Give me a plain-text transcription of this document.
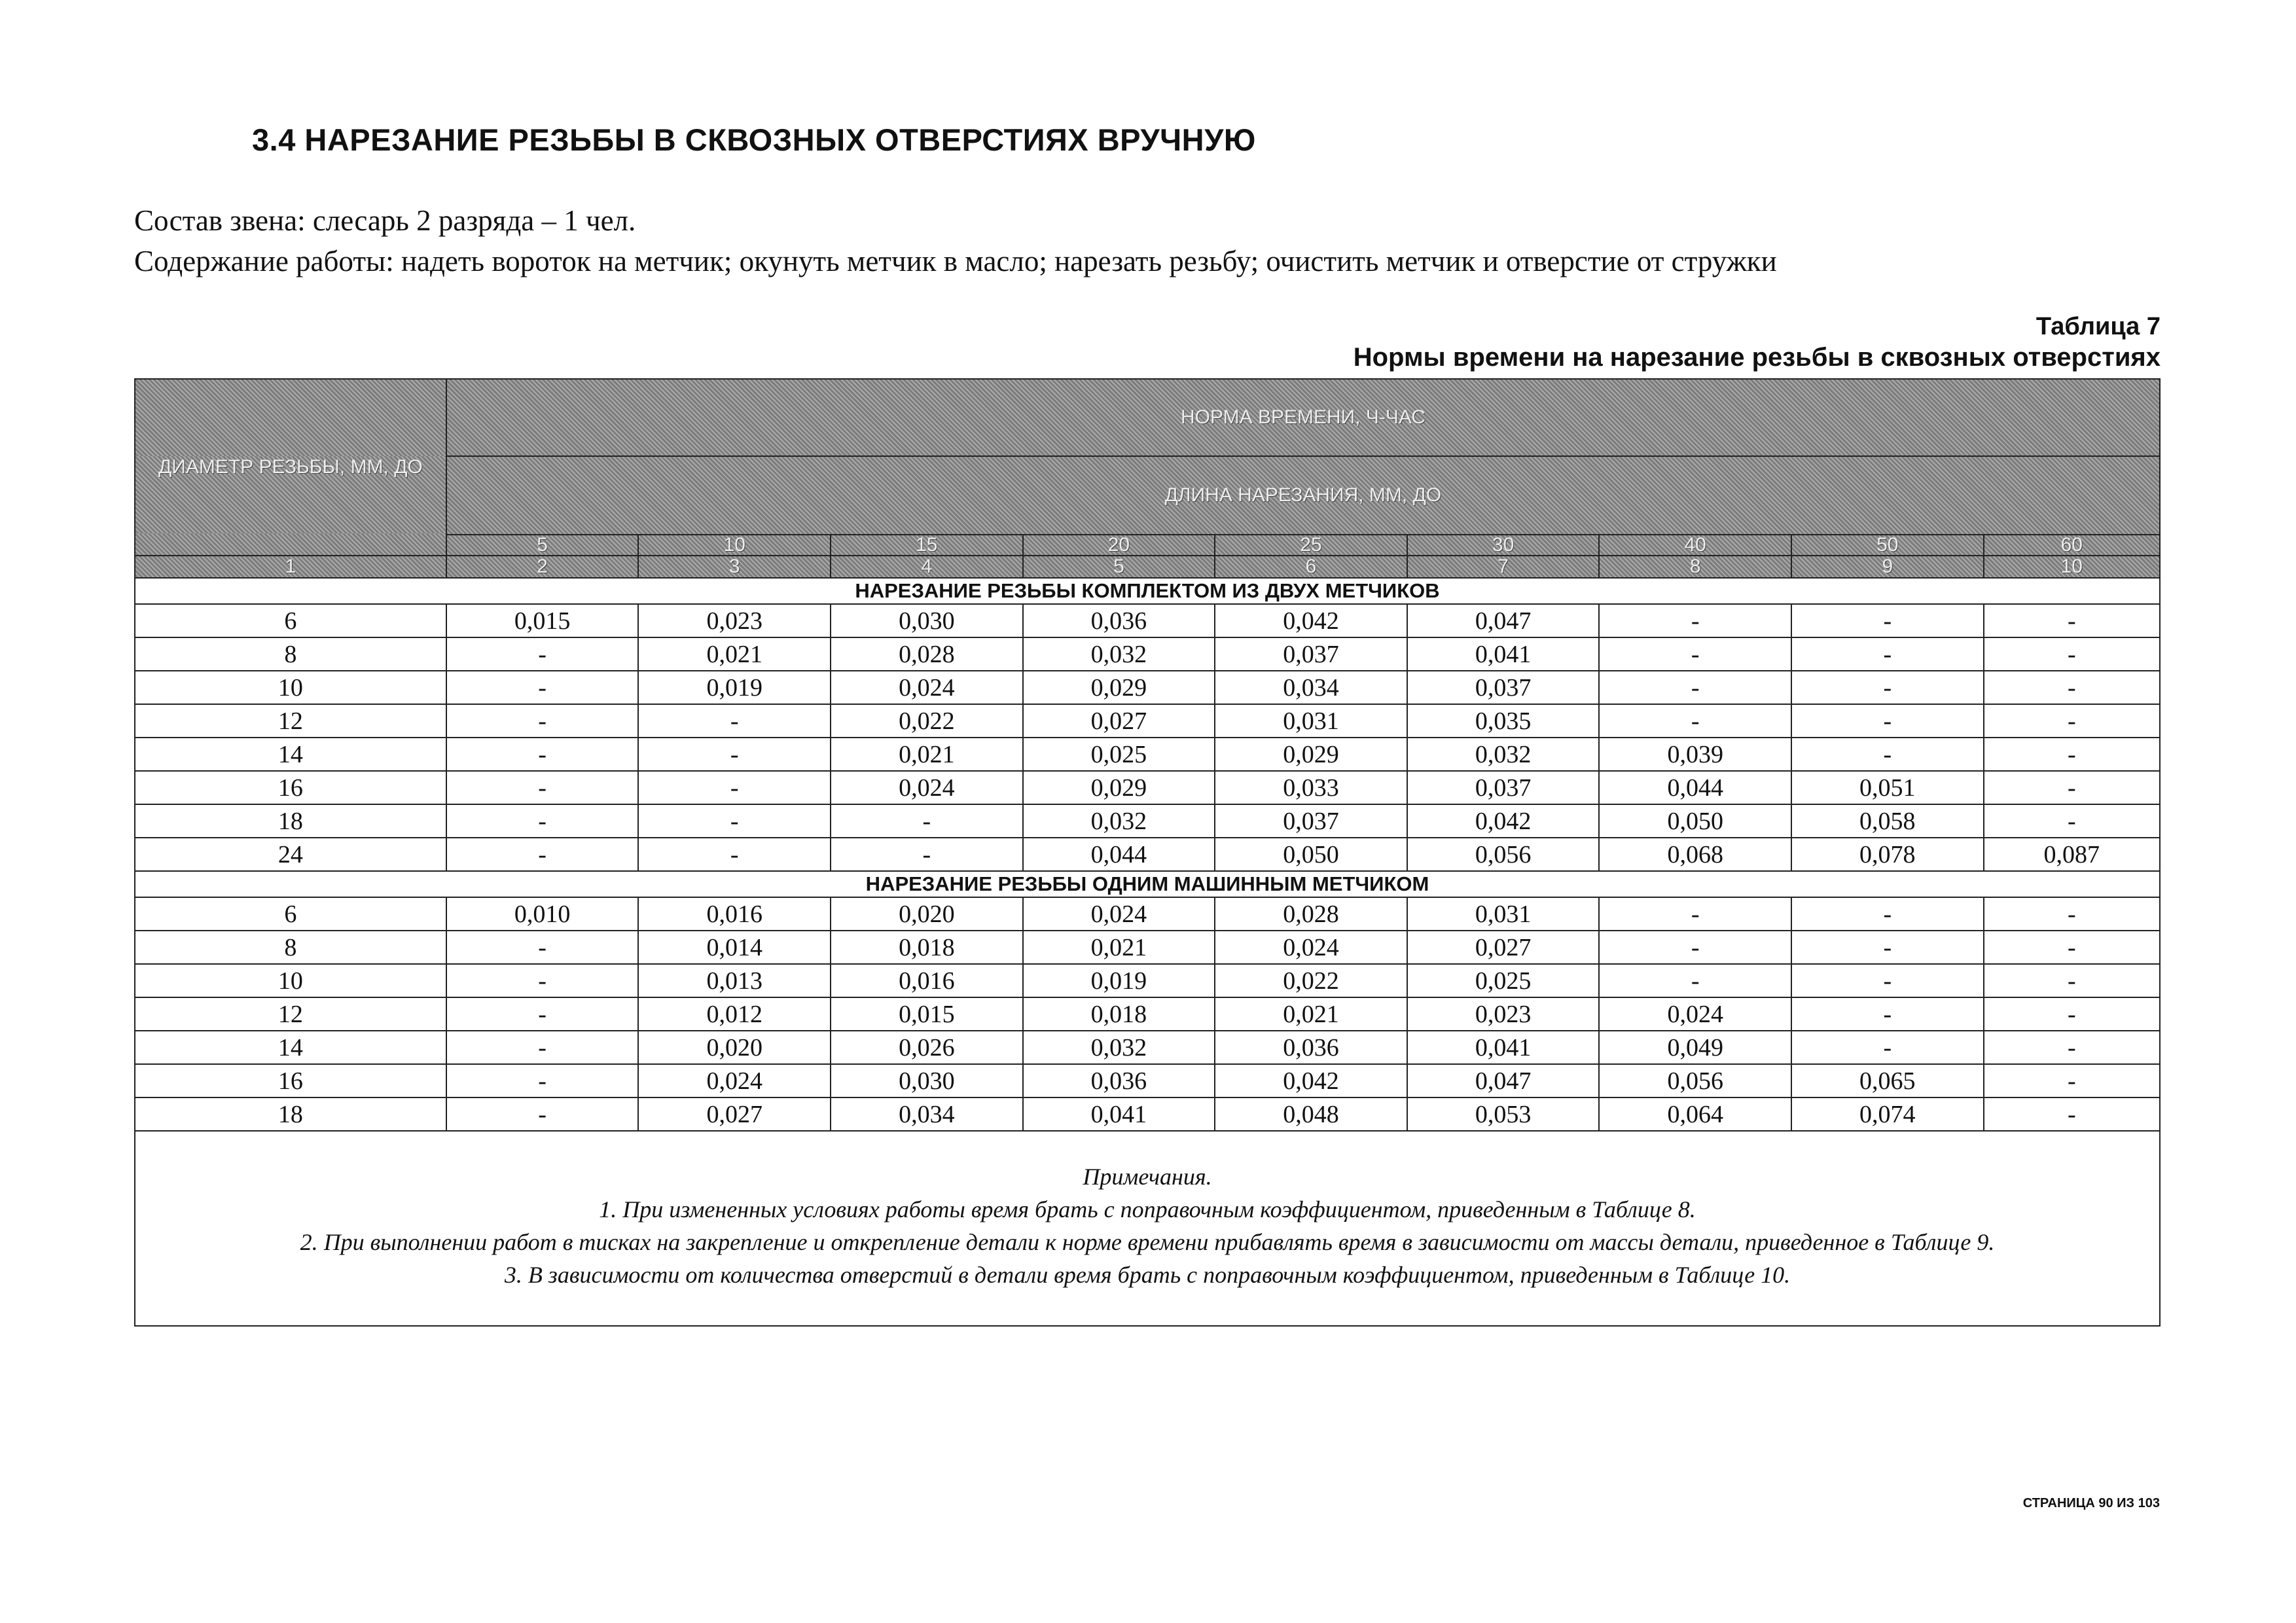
3.4 НАРЕЗАНИЕ РЕЗЬБЫ В СКВОЗНЫХ ОТВЕРСТИЯХ ВРУЧНУЮ
Состав звена: слесарь 2 разряда – 1 чел.
Содержание работы: надеть вороток на метчик; окунуть метчик в масло; нарезать резьбу; очистить метчик и отверстие от стружки
Таблица 7
Нормы времени на нарезание резьбы в сквозных отверстиях
ДИАМЕТР РЕЗЬБЫ, ММ, ДО	НОРМА ВРЕМЕНИ, Ч-ЧАС								
	ДЛИНА НАРЕЗАНИЯ, ММ, ДО								
	5	10	15	20	25	30	40	50	60
1	2	3	4	5	6	7	8	9	10
НАРЕЗАНИЕ РЕЗЬБЫ КОМПЛЕКТОМ ИЗ ДВУХ МЕТЧИКОВ									
6	0,015	0,023	0,030	0,036	0,042	0,047	-	-	-
8	-	0,021	0,028	0,032	0,037	0,041	-	-	-
10	-	0,019	0,024	0,029	0,034	0,037	-	-	-
12	-	-	0,022	0,027	0,031	0,035	-	-	-
14	-	-	0,021	0,025	0,029	0,032	0,039	-	-
16	-	-	0,024	0,029	0,033	0,037	0,044	0,051	-
18	-	-	-	0,032	0,037	0,042	0,050	0,058	-
24	-	-	-	0,044	0,050	0,056	0,068	0,078	0,087
НАРЕЗАНИЕ РЕЗЬБЫ ОДНИМ МАШИННЫМ МЕТЧИКОМ									
6	0,010	0,016	0,020	0,024	0,028	0,031	-	-	-
8	-	0,014	0,018	0,021	0,024	0,027	-	-	-
10	-	0,013	0,016	0,019	0,022	0,025	-	-	-
12	-	0,012	0,015	0,018	0,021	0,023	0,024	-	-
14	-	0,020	0,026	0,032	0,036	0,041	0,049	-	-
16	-	0,024	0,030	0,036	0,042	0,047	0,056	0,065	-
18	-	0,027	0,034	0,041	0,048	0,053	0,064	0,074	-

Примечания.
1. При измененных условиях работы время брать с поправочным коэффициентом, приведенным в Таблице 8.
2. При выполнении работ в тисках на закрепление и открепление детали к норме времени прибавлять время в зависимости от массы детали, приведенное в Таблице 9.
3. В зависимости от количества отверстий в детали время брать с поправочным коэффициентом, приведенным в Таблице 10.									
СТРАНИЦА 90 ИЗ 103
